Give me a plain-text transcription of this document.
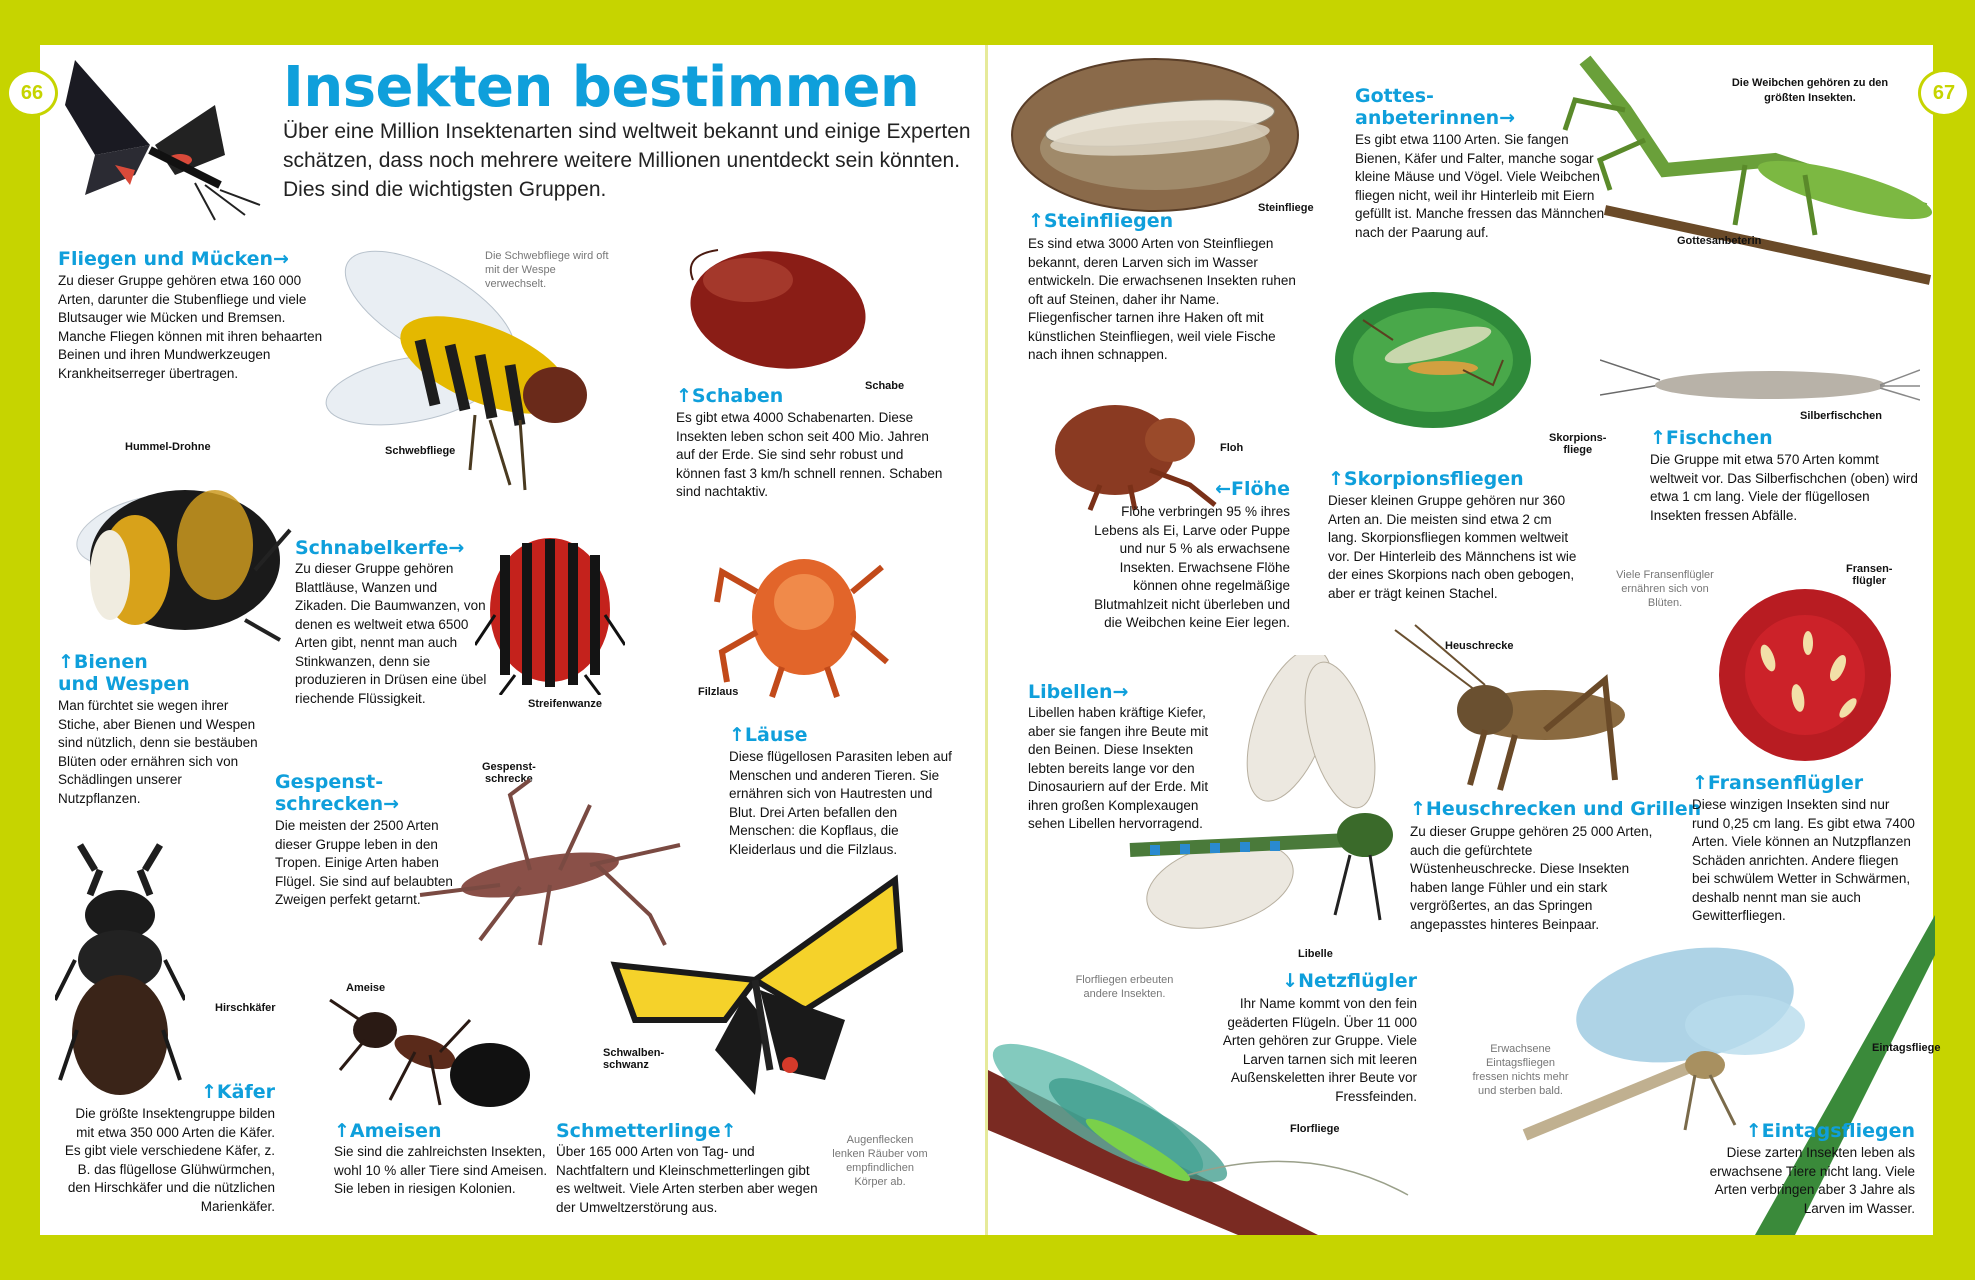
66	67
Insekten bestimmen
Über eine Million Insektenarten sind weltweit bekannt und einige Experten schätzen, dass noch mehrere weitere Millionen unentdeckt sein könnten. Dies sind die wichtigsten Gruppen.
Fliegen und Mücken→
Zu dieser Gruppe gehören etwa 160 000 Arten, darunter die Stubenfliege und viele Blutsauger wie Mücken und Bremsen. Manche Fliegen können mit ihren behaarten Beinen und ihren Mundwerkzeugen Krankheitserreger übertragen.
Die Schwebfliege wird oft mit der Wespe verwechselt.
Schwebfliege
Schabe
↑Schaben
Es gibt etwa 4000 Schabenarten. Diese Insekten leben schon seit 400 Mio. Jahren auf der Erde. Sie sind sehr robust und können fast 3 km/h schnell rennen. Schaben sind nachtaktiv.
Hummel-Drohne
↑Bienen
und Wespen
Man fürchtet sie wegen ihrer Stiche, aber Bienen und Wespen sind nützlich, denn sie bestäuben Blüten oder ernähren sich von Schädlingen unserer Nutzpflanzen.
Schnabelkerfe→
Zu dieser Gruppe gehören Blattläuse, Wanzen und Zikaden. Die Baumwanzen, von denen es weltweit etwa 6500 Arten gibt, nennt man auch Stinkwanzen, denn sie produzieren in Drüsen eine übel riechende Flüssigkeit.	Streifenwanze
Filzlaus
↑Läuse
Diese flügellosen Parasiten leben auf Menschen und anderen Tieren. Sie ernähren sich von Hautresten und Blut. Drei Arten befallen den Menschen: die Kopflaus, die Kleiderlaus und die Filzlaus.
Gespenst-
schrecken→
Die meisten der 2500 Arten dieser Gruppe leben in den Tropen. Einige Arten haben Flügel. Sie sind auf belaubten Zweigen perfekt getarnt.
Gespenst-
schrecke
Hirschkäfer
↑Käfer
Die größte Insektengruppe bilden mit etwa 350 000 Arten die Käfer. Es gibt viele verschiedene Käfer, z. B. das flügellose Glühwürmchen, den Hirschkäfer und die nützlichen Marienkäfer.
Ameise
↑Ameisen
Sie sind die zahlreichsten Insekten, wohl 10 % aller Tiere sind Ameisen. Sie leben in riesigen Kolonien.
Schwalben-
schwanz
Augenflecken lenken Räuber vom empfindlichen Körper ab.
Schmetterlinge↑
Über 165 000 Arten von Tag- und Nachtfaltern und Kleinschmetterlingen gibt es weltweit. Viele Arten sterben aber wegen der Umweltzerstörung aus.
Steinfliege
↑Steinfliegen
Es sind etwa 3000 Arten von Steinfliegen bekannt, deren Larven sich im Wasser entwickeln. Die erwachsenen Insekten ruhen oft auf Steinen, daher ihr Name. Fliegenfischer tarnen ihre Haken oft mit künstlichen Steinfliegen, weil viele Fische nach ihnen schnappen.
Gottes-
anbeterinnen→
Es gibt etwa 1100 Arten. Sie fangen Bienen, Käfer und Falter, manche sogar kleine Mäuse und Vögel. Viele Weibchen fliegen nicht, weil ihr Hinterleib mit Eiern gefüllt ist. Manche fressen das Männchen nach der Paarung auf.
Die Weibchen gehören zu den größten Insekten.
Gottesanbeterin
Skorpions-
fliege
Floh
←Flöhe
Flöhe verbringen 95 % ihres Lebens als Ei, Larve oder Puppe und nur 5 % als erwachsene Insekten. Erwachsene Flöhe können ohne regelmäßige Blutmahlzeit nicht überleben und die Weibchen keine Eier legen.
↑Skorpionsfliegen
Dieser kleinen Gruppe gehören nur 360 Arten an. Die meisten sind etwa 2 cm lang. Skorpionsfliegen kommen weltweit vor. Der Hinterleib des Männchens ist wie der eines Skorpions nach oben gebogen, aber er trägt keinen Stachel.
Silberfischchen
↑Fischchen
Die Gruppe mit etwa 570 Arten kommt weltweit vor. Das Silberfischchen (oben) wird etwa 1 cm lang. Viele der flügellosen Insekten fressen Abfälle.
Heuschrecke
↑Heuschrecken und Grillen
Zu dieser Gruppe gehören 25 000 Arten, auch die gefürchtete Wüstenheuschrecke. Diese Insekten haben lange Fühler und ein stark vergrößertes, an das Springen angepasstes hinteres Beinpaar.
Viele Fransenflügler ernähren sich von Blüten.
Fransen-
flügler
↑Fransenflügler
Diese winzigen Insekten sind nur rund 0,25 cm lang. Es gibt etwa 7400 Arten. Viele können an Nutzpflanzen Schäden anrichten. Andere fliegen bei schwülem Wetter in Schwärmen, deshalb nennt man sie auch Gewitterfliegen.
Libellen→
Libellen haben kräftige Kiefer, aber sie fangen ihre Beute mit den Beinen. Diese Insekten lebten bereits lange vor den Dinosauriern auf der Erde. Mit ihren großen Komplexaugen sehen Libellen hervorragend.
Libelle
Florfliegen erbeuten andere Insekten.
↓Netzflügler
Ihr Name kommt von den fein geäderten Flügeln. Über 11 000 Arten gehören zur Gruppe. Viele Larven tarnen sich mit leeren Außenskeletten ihrer Beute vor Fressfeinden.
Florfliege
Erwachsene Eintagsfliegen fressen nichts mehr und sterben bald.
Eintagsfliege
↑Eintagsfliegen
Diese zarten Insekten leben als erwachsene Tiere nicht lang. Viele Arten verbringen aber 3 Jahre als Larven im Wasser.
